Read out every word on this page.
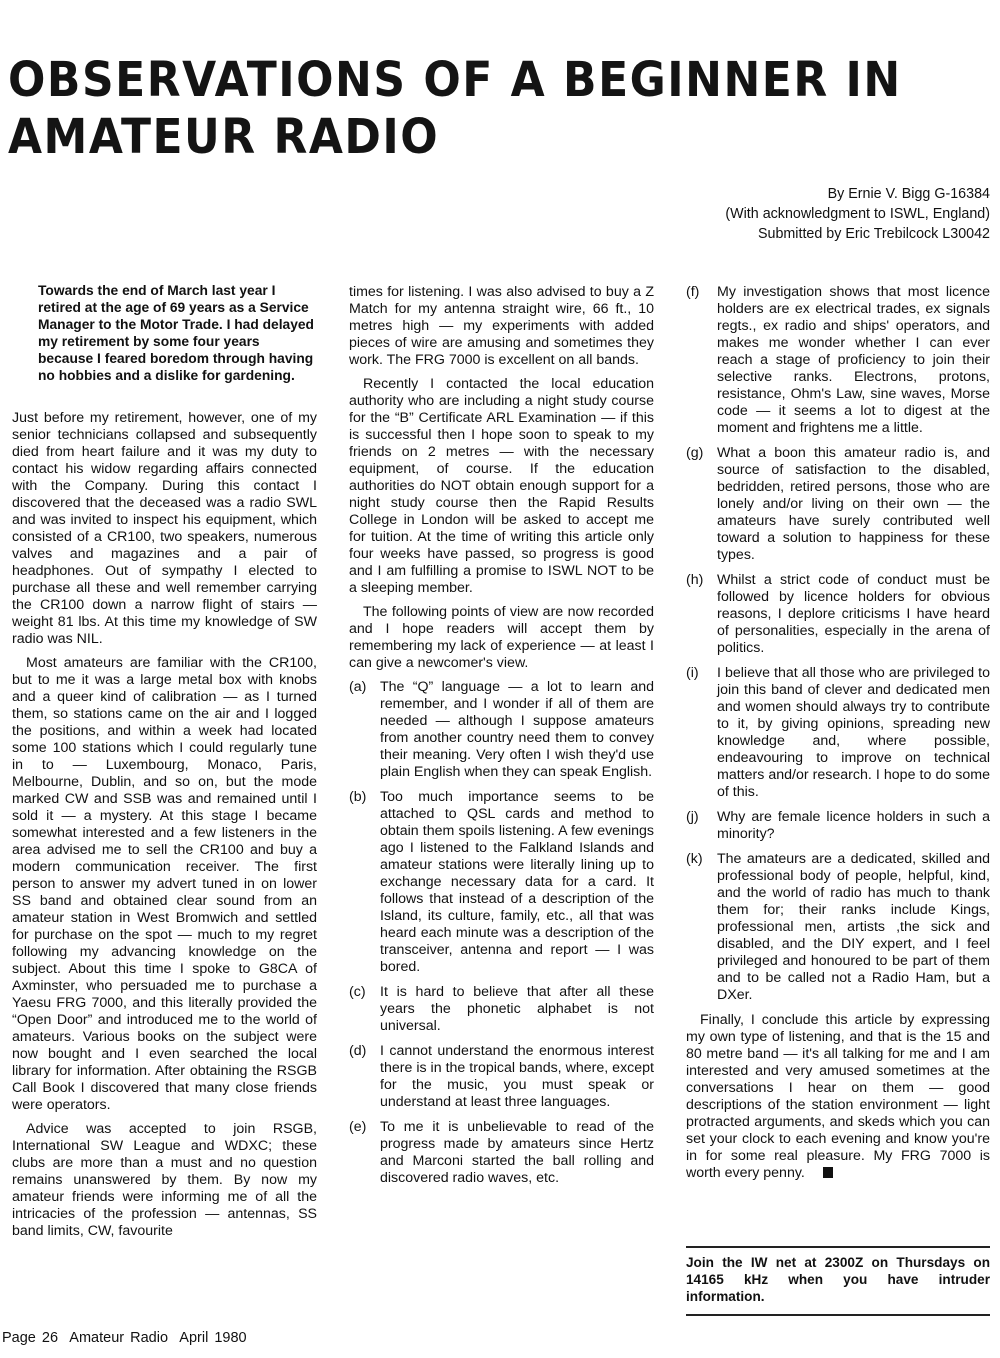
OBSERVATIONS OF A BEGINNER IN AMATEUR RADIO
By Ernie V. Bigg G-16384
(With acknowledgment to ISWL, England)
Submitted by Eric Trebilcock L30042

Towards the end of March last year I retired at the age of 69 years as a Service Manager to the Motor Trade. I had delayed my retirement by some four years because I feared boredom through having no hobbies and a dislike for gardening.

Just before my retirement, however, one of my senior technicians collapsed and subsequently died from heart failure and it was my duty to contact his widow regarding affairs connected with the Company. During this contact I discovered that the deceased was a radio SWL and was invited to inspect his equipment, which consisted of a CR100, two speakers, numerous valves and magazines and a pair of headphones. Out of sympathy I elected to purchase all these and well remember carrying the CR100 down a narrow flight of stairs — weight 81 lbs. At this time my knowledge of SW radio was NIL.

Most amateurs are familiar with the CR100, but to me it was a large metal box with knobs and a queer kind of calibration — as I turned them, so stations came on the air and I logged the positions, and within a week had located some 100 stations which I could regularly tune in to — Luxembourg, Monaco, Paris, Melbourne, Dublin, and so on, but the mode marked CW and SSB was and remained until I sold it — a mystery. At this stage I became somewhat interested and a few listeners in the area advised me to sell the CR100 and buy a modern communication receiver. The first person to answer my advert tuned in on lower SS band and obtained clear sound from an amateur station in West Bromwich and settled for purchase on the spot — much to my regret following my advancing knowledge on the subject. About this time I spoke to G8CA of Axminster, who persuaded me to purchase a Yaesu FRG 7000, and this literally provided the “Open Door” and introduced me to the world of amateurs. Various books on the subject were now bought and I even searched the local library for information. After obtaining the RSGB Call Book I discovered that many close friends were operators.

Advice was accepted to join RSGB, International SW League and WDXC; these clubs are more than a must and no question remains unanswered by them. By now my amateur friends were informing me of all the intricacies of the profession — antennas, SS band limits, CW, favourite

times for listening. I was also advised to buy a Z Match for my antenna straight wire, 66 ft., 10 metres high — my experiments with added pieces of wire are amusing and sometimes they work. The FRG 7000 is excellent on all bands.

Recently I contacted the local education authority who are including a night study course for the “B” Certificate ARL Examination — if this is successful then I hope soon to speak to my friends on 2 metres — with the necessary equipment, of course. If the education authorities do NOT obtain enough support for a night study course then the Rapid Results College in London will be asked to accept me for tuition. At the time of writing this article only four weeks have passed, so progress is good and I am fulfilling a promise to ISWL NOT to be a sleeping member.

The following points of view are now recorded and I hope readers will accept them by remembering my lack of experience — at least I can give a newcomer's view.

(a) The “Q” language — a lot to learn and remember, and I wonder if all of them are needed — although I suppose amateurs from another country need them to convey their meaning. Very often I wish they'd use plain English when they can speak English.
(b) Too much importance seems to be attached to QSL cards and method to obtain them spoils listening. A few evenings ago I listened to the Falkland Islands and amateur stations were literally lining up to exchange necessary data for a card. It follows that instead of a description of the Island, its culture, family, etc., all that was heard each minute was a description of the transceiver, antenna and report — I was bored.
(c)	It is hard to believe that after all these years the phonetic alphabet is not universal.
(d) I cannot understand the enormous interest there is in the tropical bands, where, except for the music, you must speak or understand at least three languages.
(e) To me it is unbelievable to read of the progress made by amateurs since Hertz and Marconi started the ball rolling and discovered radio waves, etc.
(f)	My investigation shows that most licence holders are ex electrical trades, ex signals regts., ex radio and ships' operators, and makes me wonder whether I can ever reach a stage of proficiency to join their selective ranks. Electrons, protons, resistance, Ohm's Law, sine waves, Morse code — it seems a lot to digest at the moment and frightens me a little.
(g) What a boon this amateur radio is, and source of satisfaction to the disabled, bedridden, retired persons, those who are lonely and/or living on their own — the amateurs have surely contributed well toward a solution to happiness for these types.
(h) Whilst a strict code of conduct must be followed by licence holders for obvious reasons, I deplore criticisms I have heard of personalities, especially in the arena of politics.
(i)	I believe that all those who are privileged to join this band of clever and dedicated men and women should always try to contribute to it, by giving opinions, spreading new knowledge and, where possible, endeavouring to improve on technical matters and/or research. I hope to do some of this.
(j)	Why are female licence holders in such a minority?
(k)	The amateurs are a dedicated, skilled and professional body of people, helpful, kind, and the world of radio has much to thank them for; their ranks include Kings, professional men, artists ,the sick and disabled, and the DIY expert, and I feel privileged and honoured to be part of them and to be called not a Radio Ham, but a DXer.

Finally, I conclude this article by expressing my own type of listening, and that is the 15 and 80 metre band — it's all talking for me and I am interested and very amused sometimes at the conversations I hear on them — good descriptions of the station environment — light protracted arguments, and skeds which you can set your clock to each evening and know you're in for some real pleasure. My FRG 7000 is worth every penny.

Join the IW net at 2300Z on Thursdays on 14165 kHz when you have intruder information.
Page 26 Amateur Radio April 1980
